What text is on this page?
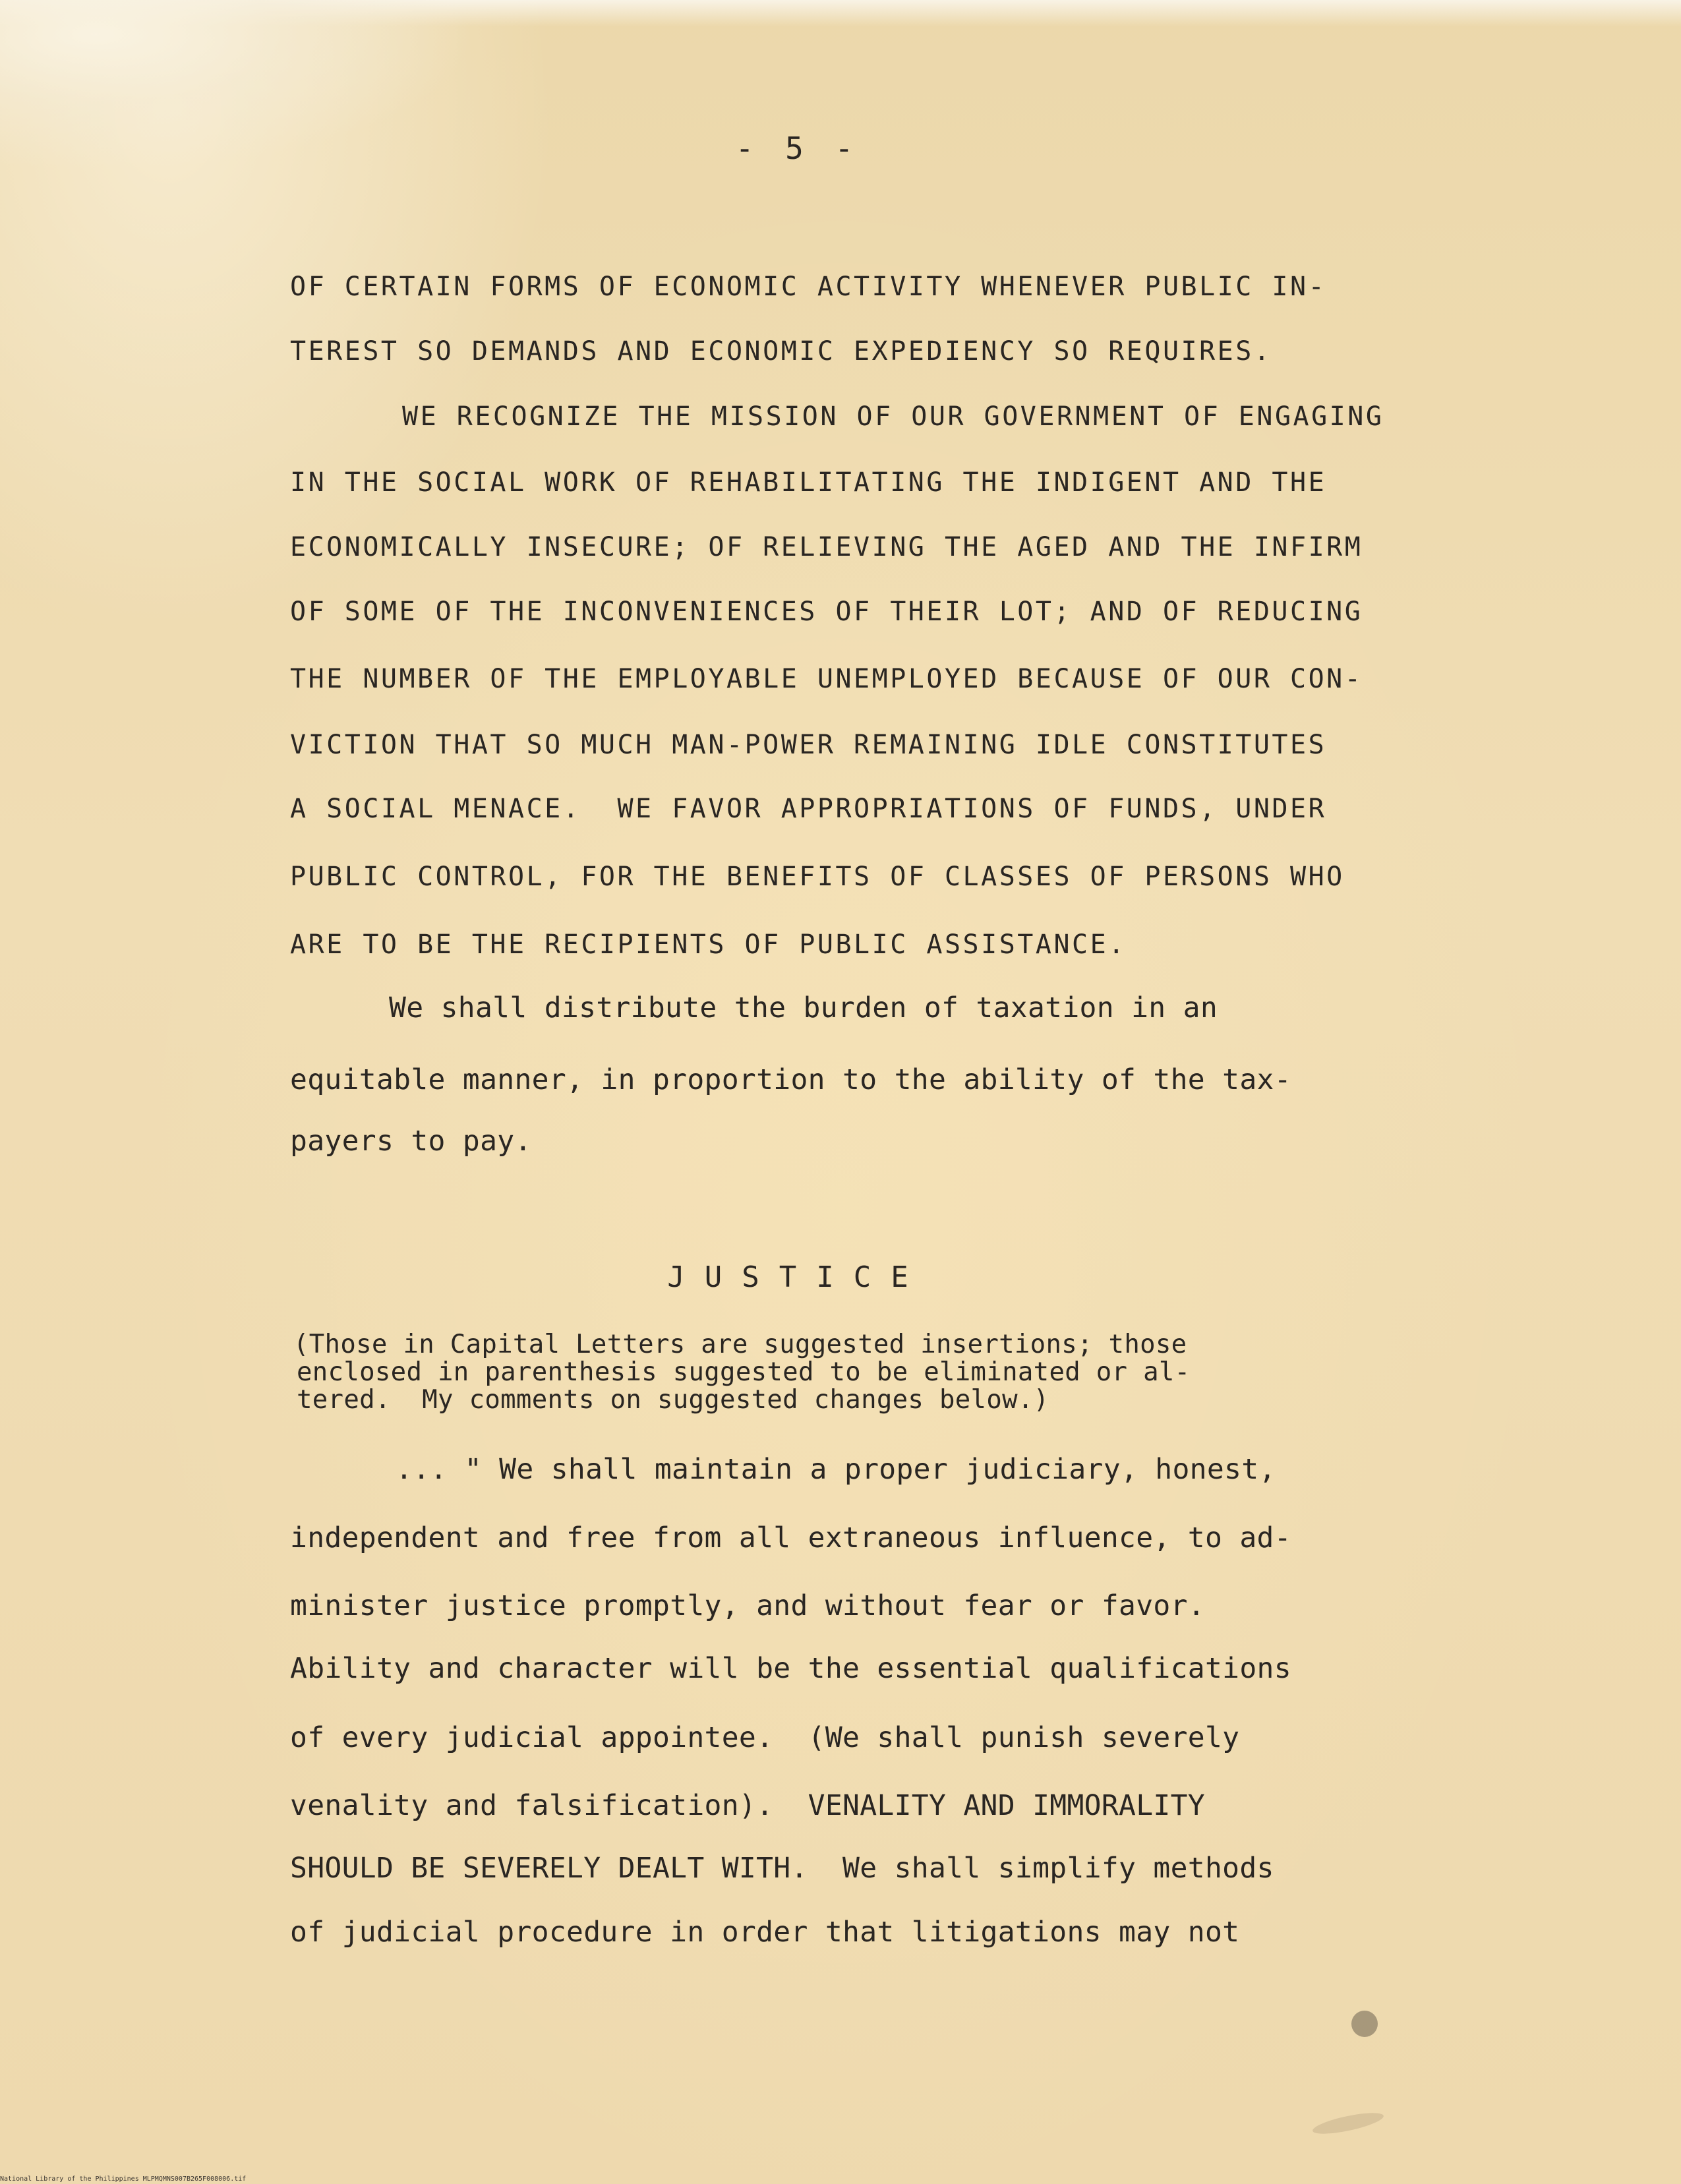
- 5 -
OF CERTAIN FORMS OF ECONOMIC ACTIVITY WHENEVER PUBLIC IN-
TEREST SO DEMANDS AND ECONOMIC EXPEDIENCY SO REQUIRES.
WE RECOGNIZE THE MISSION OF OUR GOVERNMENT OF ENGAGING
IN THE SOCIAL WORK OF REHABILITATING THE INDIGENT AND THE
ECONOMICALLY INSECURE; OF RELIEVING THE AGED AND THE INFIRM
OF SOME OF THE INCONVENIENCES OF THEIR LOT; AND OF REDUCING
THE NUMBER OF THE EMPLOYABLE UNEMPLOYED BECAUSE OF OUR CON-
VICTION THAT SO MUCH MAN-POWER REMAINING IDLE CONSTITUTES
A SOCIAL MENACE.  WE FAVOR APPROPRIATIONS OF FUNDS, UNDER
PUBLIC CONTROL, FOR THE BENEFITS OF CLASSES OF PERSONS WHO
ARE TO BE THE RECIPIENTS OF PUBLIC ASSISTANCE.
We shall distribute the burden of taxation in an
equitable manner, in proportion to the ability of the tax-
payers to pay.
JUSTICE
(Those in Capital Letters are suggested insertions; those
enclosed in parenthesis suggested to be eliminated or al-
tered.  My comments on suggested changes below.)
... " We shall maintain a proper judiciary, honest,
independent and free from all extraneous influence, to ad-
minister justice promptly, and without fear or favor.
Ability and character will be the essential qualifications
of every judicial appointee.  (We shall punish severely
venality and falsification).  VENALITY AND IMMORALITY
SHOULD BE SEVERELY DEALT WITH.  We shall simplify methods
of judicial procedure in order that litigations may not
National Library of the Philippines MLPMQMNS007B265F008006.tif
